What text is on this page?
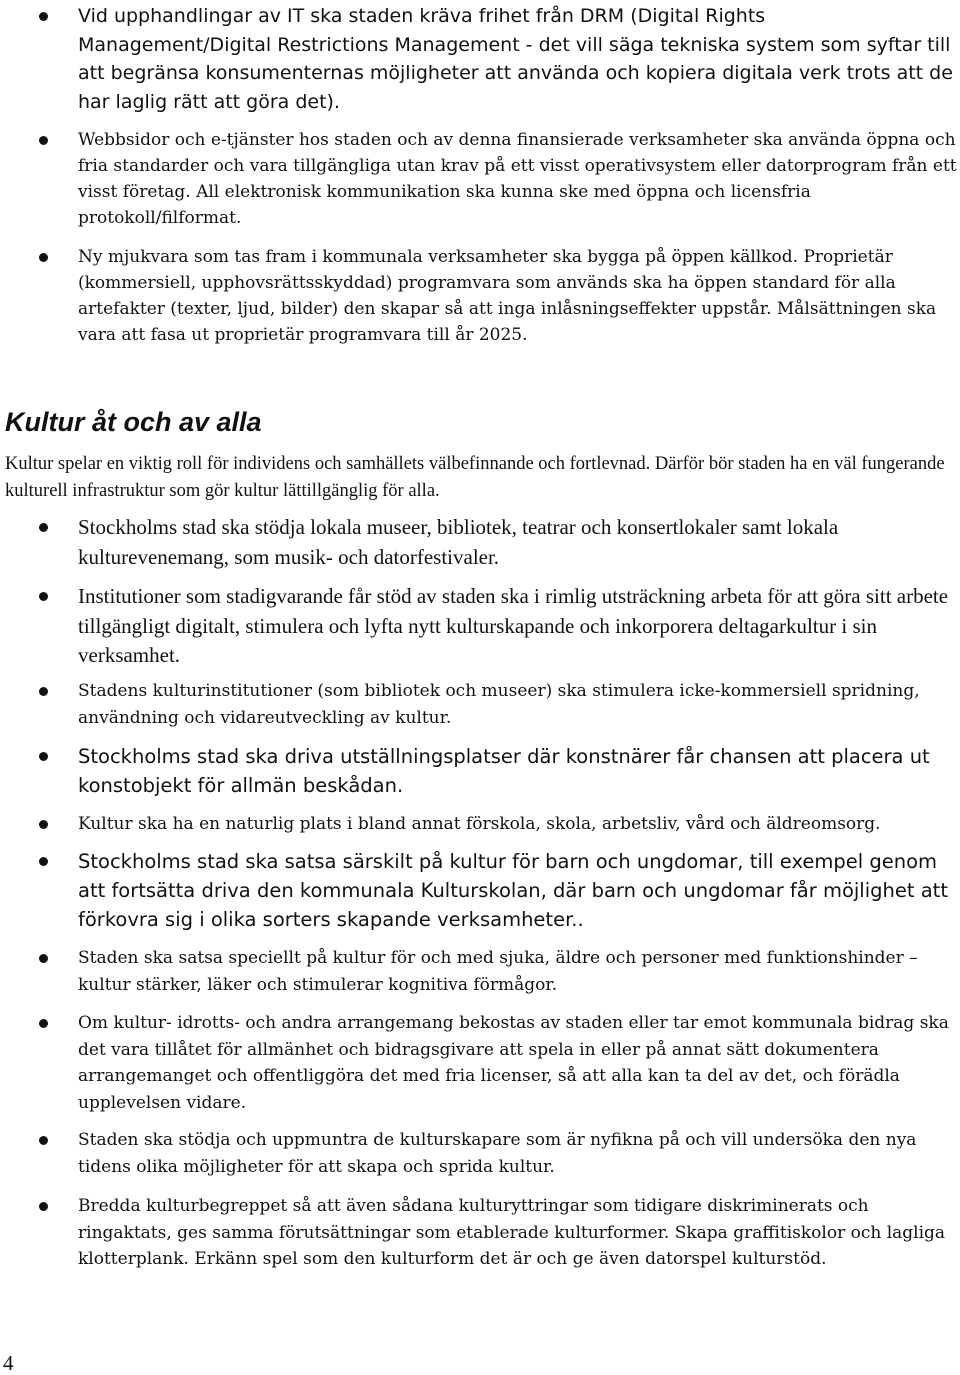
Vid upphandlingar av IT ska staden kräva frihet från DRM (Digital Rights Management/Digital Restrictions Management - det vill säga tekniska system som syftar till att begränsa konsumenternas möjligheter att använda och kopiera digitala verk trots att de har laglig rätt att göra det).
Webbsidor och e-tjänster hos staden och av denna finansierade verksamheter ska använda öppna och fria standarder och vara tillgängliga utan krav på ett visst operativsystem eller datorprogram från ett visst företag. All elektronisk kommunikation ska kunna ske med öppna och licensfria protokoll/filformat.
Ny mjukvara som tas fram i kommunala verksamheter ska bygga på öppen källkod. Proprietär (kommersiell, upphovsrättsskyddad) programvara som används ska ha öppen standard för alla artefakter (texter, ljud, bilder) den skapar så att inga inlåsningseffekter uppstår. Målsättningen ska vara att fasa ut proprietär programvara till år 2025.
Kultur åt och av alla

Kultur spelar en viktig roll för individens och samhällets välbefinnande och fortlevnad. Därför bör staden ha en väl fungerande kulturell infrastruktur som gör kultur lättillgänglig för alla.

Stockholms stad ska stödja lokala museer, bibliotek, teatrar och konsertlokaler samt lokala kulturevenemang, som musik- och datorfestivaler.
Institutioner som stadigvarande får stöd av staden ska i rimlig utsträckning arbeta för att göra sitt arbete tillgängligt digitalt, stimulera och lyfta nytt kulturskapande och inkorporera deltagarkultur i sin verksamhet.
Stadens kulturinstitutioner (som bibliotek och museer) ska stimulera icke-kommersiell spridning, användning och vidareutveckling av kultur.
Stockholms stad ska driva utställningsplatser där konstnärer får chansen att placera ut konstobjekt för allmän beskådan.
Kultur ska ha en naturlig plats i bland annat förskola, skola, arbetsliv, vård och äldreomsorg.
Stockholms stad ska satsa särskilt på kultur för barn och ungdomar, till exempel genom att fortsätta driva den kommunala Kulturskolan, där barn och ungdomar får möjlighet att förkovra sig i olika sorters skapande verksamheter..
Staden ska satsa speciellt på kultur för och med sjuka, äldre och personer med funktionshinder – kultur stärker, läker och stimulerar kognitiva förmågor.
Om kultur- idrotts- och andra arrangemang bekostas av staden eller tar emot kommunala bidrag ska det vara tillåtet för allmänhet och bidragsgivare att spela in eller på annat sätt dokumentera arrangemanget och offentliggöra det med fria licenser, så att alla kan ta del av det, och förädla upplevelsen vidare.
Staden ska stödja och uppmuntra de kulturskapare som är nyfikna på och vill undersöka den nya tidens olika möjligheter för att skapa och sprida kultur.
Bredda kulturbegreppet så att även sådana kulturyttringar som tidigare diskriminerats och ringaktats, ges samma förutsättningar som etablerade kulturformer. Skapa graffitiskolor och lagliga klotterplank. Erkänn spel som den kulturform det är och ge även datorspel kulturstöd.
4
